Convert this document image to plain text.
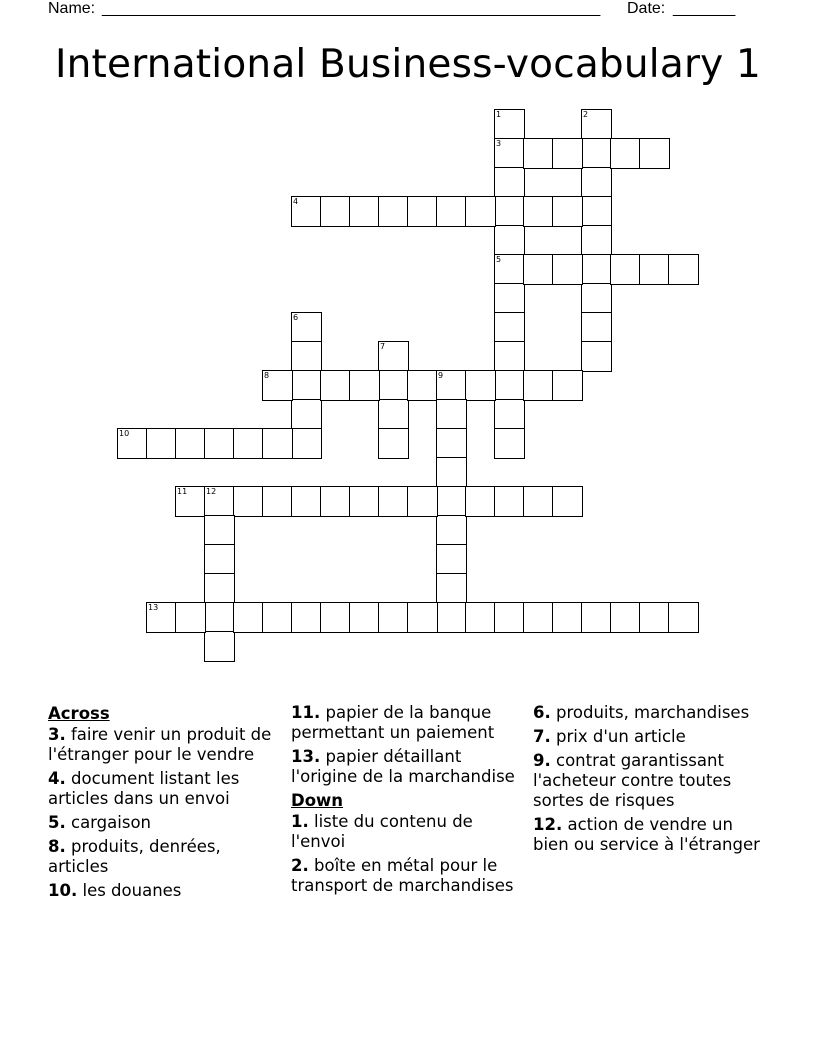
Name: ________________________________________________________ Date: _______
International Business-vocabulary 1
1
3
5
2
4
6
7
8	9
10
11 12
13
Across
3. faire venir un produit de l'étranger pour le vendre
4. document listant les articles dans un envoi
5. cargaison
8. produits, denrées, articles
10. les douanes
11. papier de la banque permettant un paiement
13. papier détaillant l'origine de la marchandise
Down
1. liste du contenu de l'envoi
2. boîte en métal pour le transport de marchandises
6. produits, marchandises
7. prix d'un article
9. contrat garantissant l'acheteur contre toutes sortes de risques
12. action de vendre un bien ou service à l'étranger
